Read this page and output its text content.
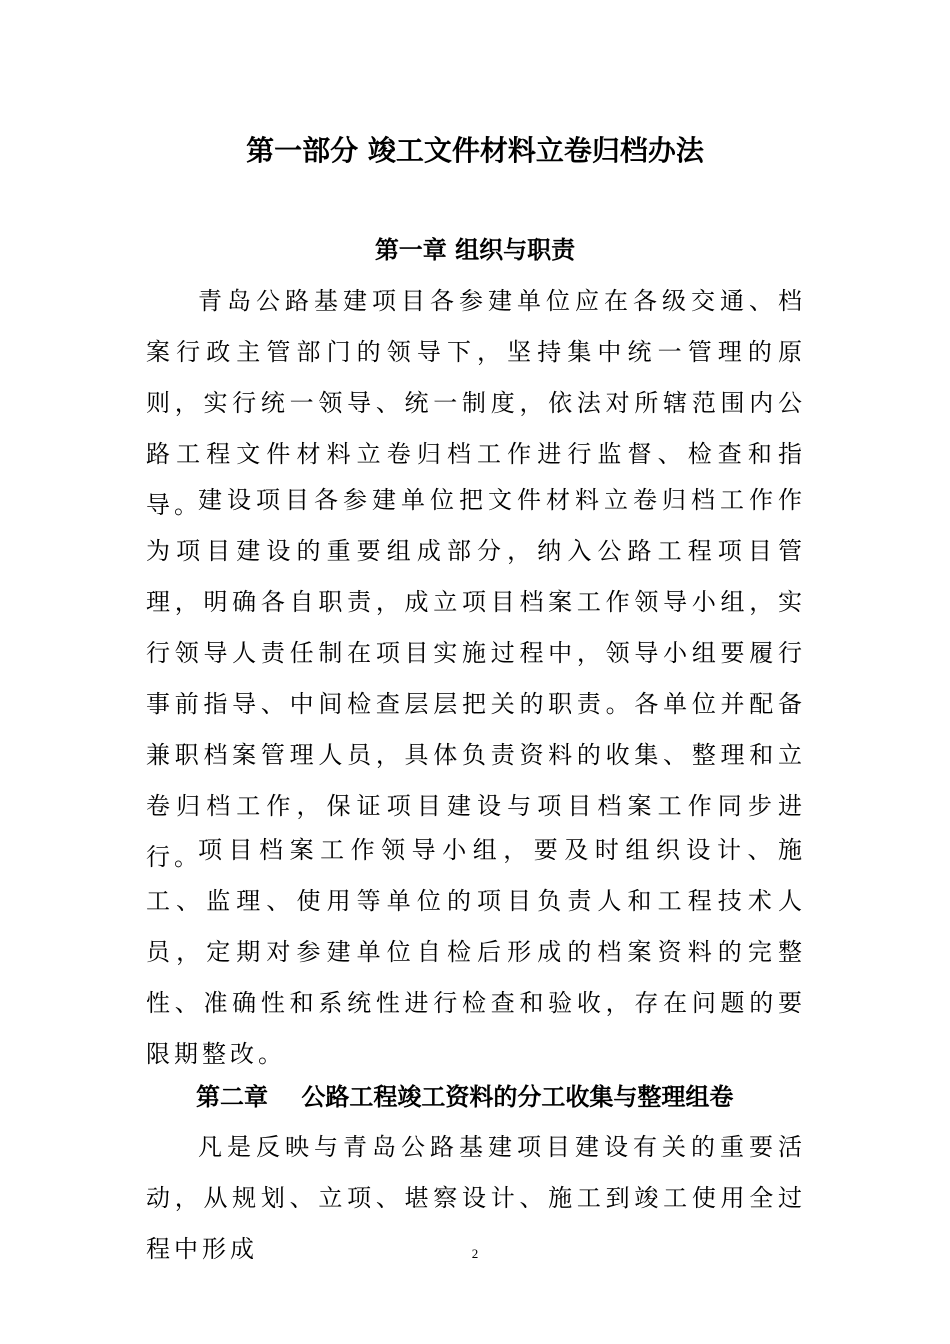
第一部分 竣工文件材料立卷归档办法
第一章 组织与职责

青岛公路基建项目各参建单位应在各级交通、档案行政主管部门的领导下，坚持集中统一管理的原则，实行统一领导、统一制度，依法对所辖范围内公路工程文件材料立卷归档工作进行监督、检查和指导。

建设项目各参建单位把文件材料立卷归档工作作为项目建设的重要组成部分，纳入公路工程项目管理，明确各自职责，成立项目档案工作领导小组，实行领导人责任制在项目实施过程中，领导小组要履行事前指导、中间检查层层把关的职责。各单位并配备兼职档案管理人员，具体负责资料的收集、整理和立卷归档工作，保证项目建设与项目档案工作同步进行。

项目档案工作领导小组，要及时组织设计、施工、监理、使用等单位的项目负责人和工程技术人员，定期对参建单位自检后形成的档案资料的完整性、准确性和系统性进行检查和验收，存在问题的要限期整改。

第二章    公路工程竣工资料的分工收集与整理组卷

凡是反映与青岛公路基建项目建设有关的重要活动，从规划、立项、堪察设计、施工到竣工使用全过程中形成	2
